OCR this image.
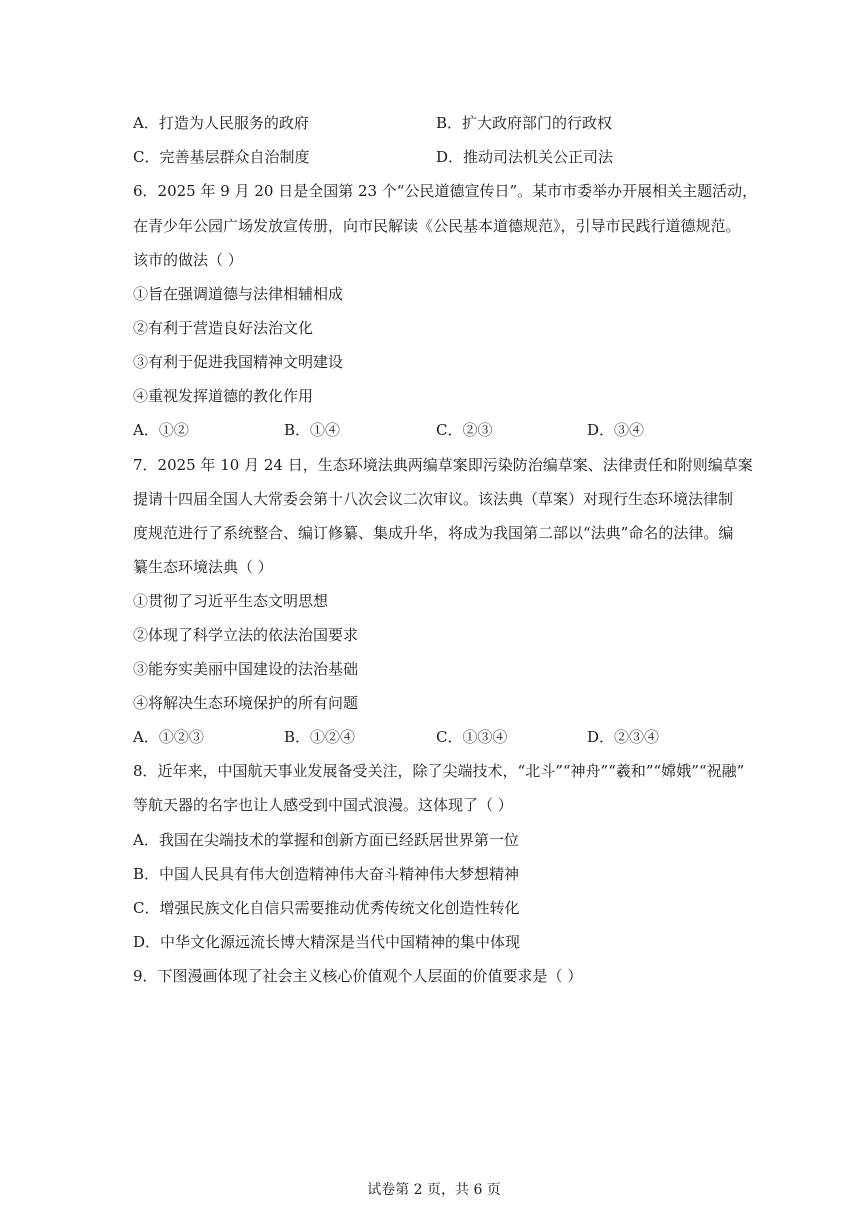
A．打造为人民服务的政府	B．扩大政府部门的行政权
C．完善基层群众自治制度	D．推动司法机关公正司法
6．2025 年 9 月 20 日是全国第 23 个“公民道德宣传日”。某市市委举办开展相关主题活动，
在青少年公园广场发放宣传册，向市民解读《公民基本道德规范》，引导市民践行道德规范。
该市的做法（ ）
①旨在强调道德与法律相辅相成
②有利于营造良好法治文化
③有利于促进我国精神文明建设
④重视发挥道德的教化作用
A．①②	B．①④	C．②③	D．③④
7．2025 年 10 月 24 日，生态环境法典两编草案即污染防治编草案、法律责任和附则编草案
提请十四届全国人大常委会第十八次会议二次审议。该法典（草案）对现行生态环境法律制
度规范进行了系统整合、编订修纂、集成升华，将成为我国第二部以“法典”命名的法律。编
纂生态环境法典（ ）
①贯彻了习近平生态文明思想
②体现了科学立法的依法治国要求
③能夯实美丽中国建设的法治基础
④将解决生态环境保护的所有问题
A．①②③	B．①②④	C．①③④	D．②③④
8．近年来，中国航天事业发展备受关注，除了尖端技术，“北斗”“神舟”“羲和”“嫦娥”“祝融”
等航天器的名字也让人感受到中国式浪漫。这体现了（ ）
A．我国在尖端技术的掌握和创新方面已经跃居世界第一位
B．中国人民具有伟大创造精神伟大奋斗精神伟大梦想精神
C．增强民族文化自信只需要推动优秀传统文化创造性转化
D．中华文化源远流长博大精深是当代中国精神的集中体现
9．下图漫画体现了社会主义核心价值观个人层面的价值要求是（ ）
试卷第 2 页，共 6 页
